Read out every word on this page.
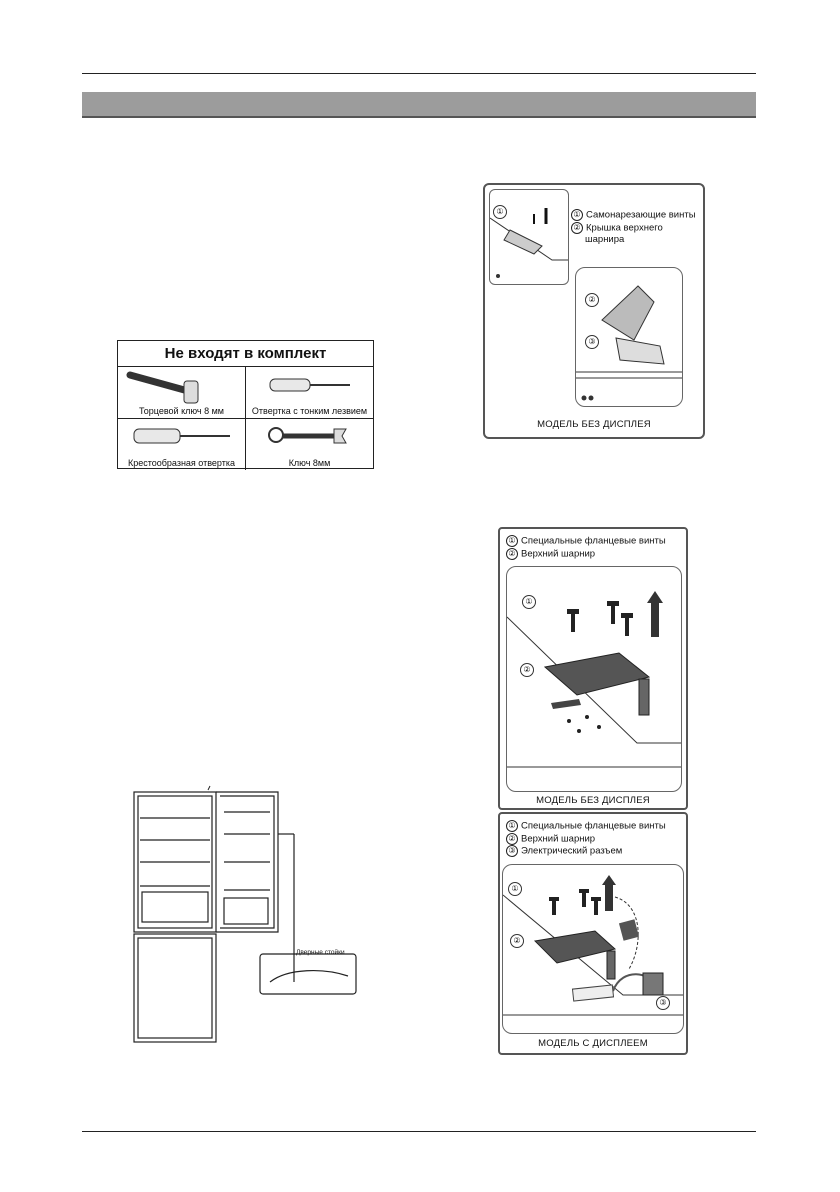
Не входят в комплект
Торцевой ключ 8 мм	Отвертка с тонким лезвием
Крестообразная отвертка	Ключ 8мм
①	① Самонарезающие винты
② Крышка верхнего
шарнира
②
③
МОДЕЛЬ БЕЗ ДИСПЛЕЯ
① Специальные фланцевые винты
② Верхний шарнир
①
②
МОДЕЛЬ БЕЗ ДИСПЛЕЯ
① Специальные фланцевые винты
② Верхний шарнир
③ Электрический разъем
①
②
③
МОДЕЛЬ С ДИСПЛЕЕМ
Дверные стойки
